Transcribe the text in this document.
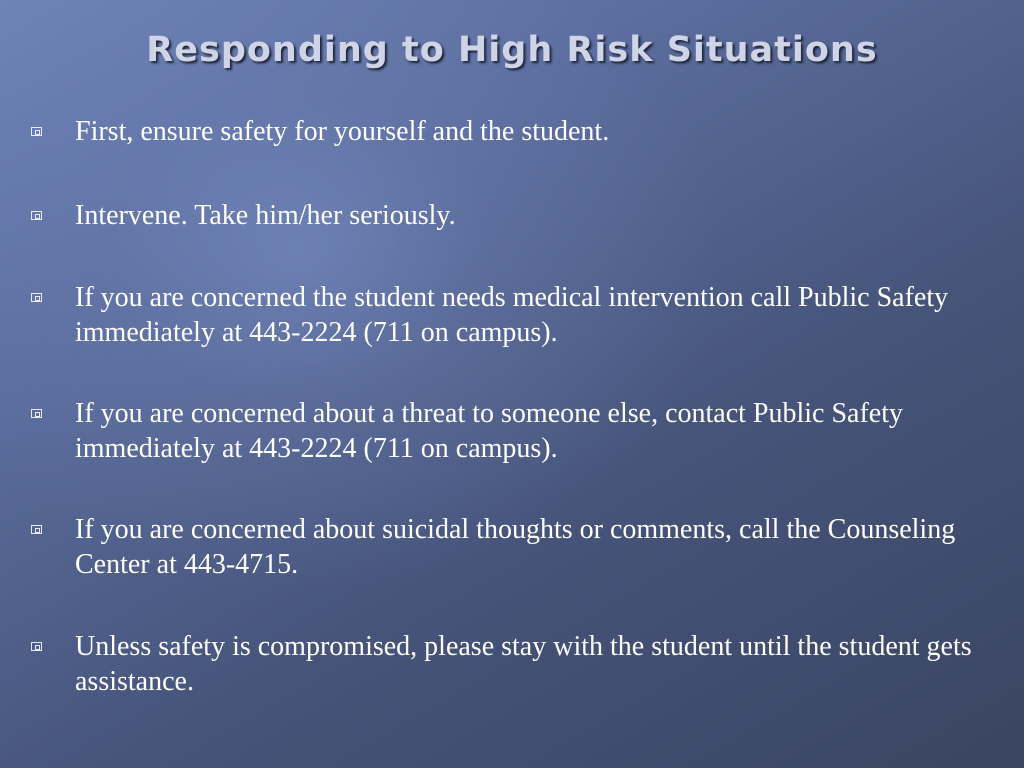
Responding to High Risk Situations

First, ensure safety for yourself and the student.

Intervene. Take him/her seriously.

If you are concerned the student needs medical intervention call Public Safety immediately at 443-2224 (711 on campus).

If you are concerned about a threat to someone else, contact Public Safety immediately at 443-2224 (711 on campus).

If you are concerned about suicidal thoughts or comments, call the Counseling Center at 443-4715.

Unless safety is compromised, please stay with the student until the student gets assistance.
